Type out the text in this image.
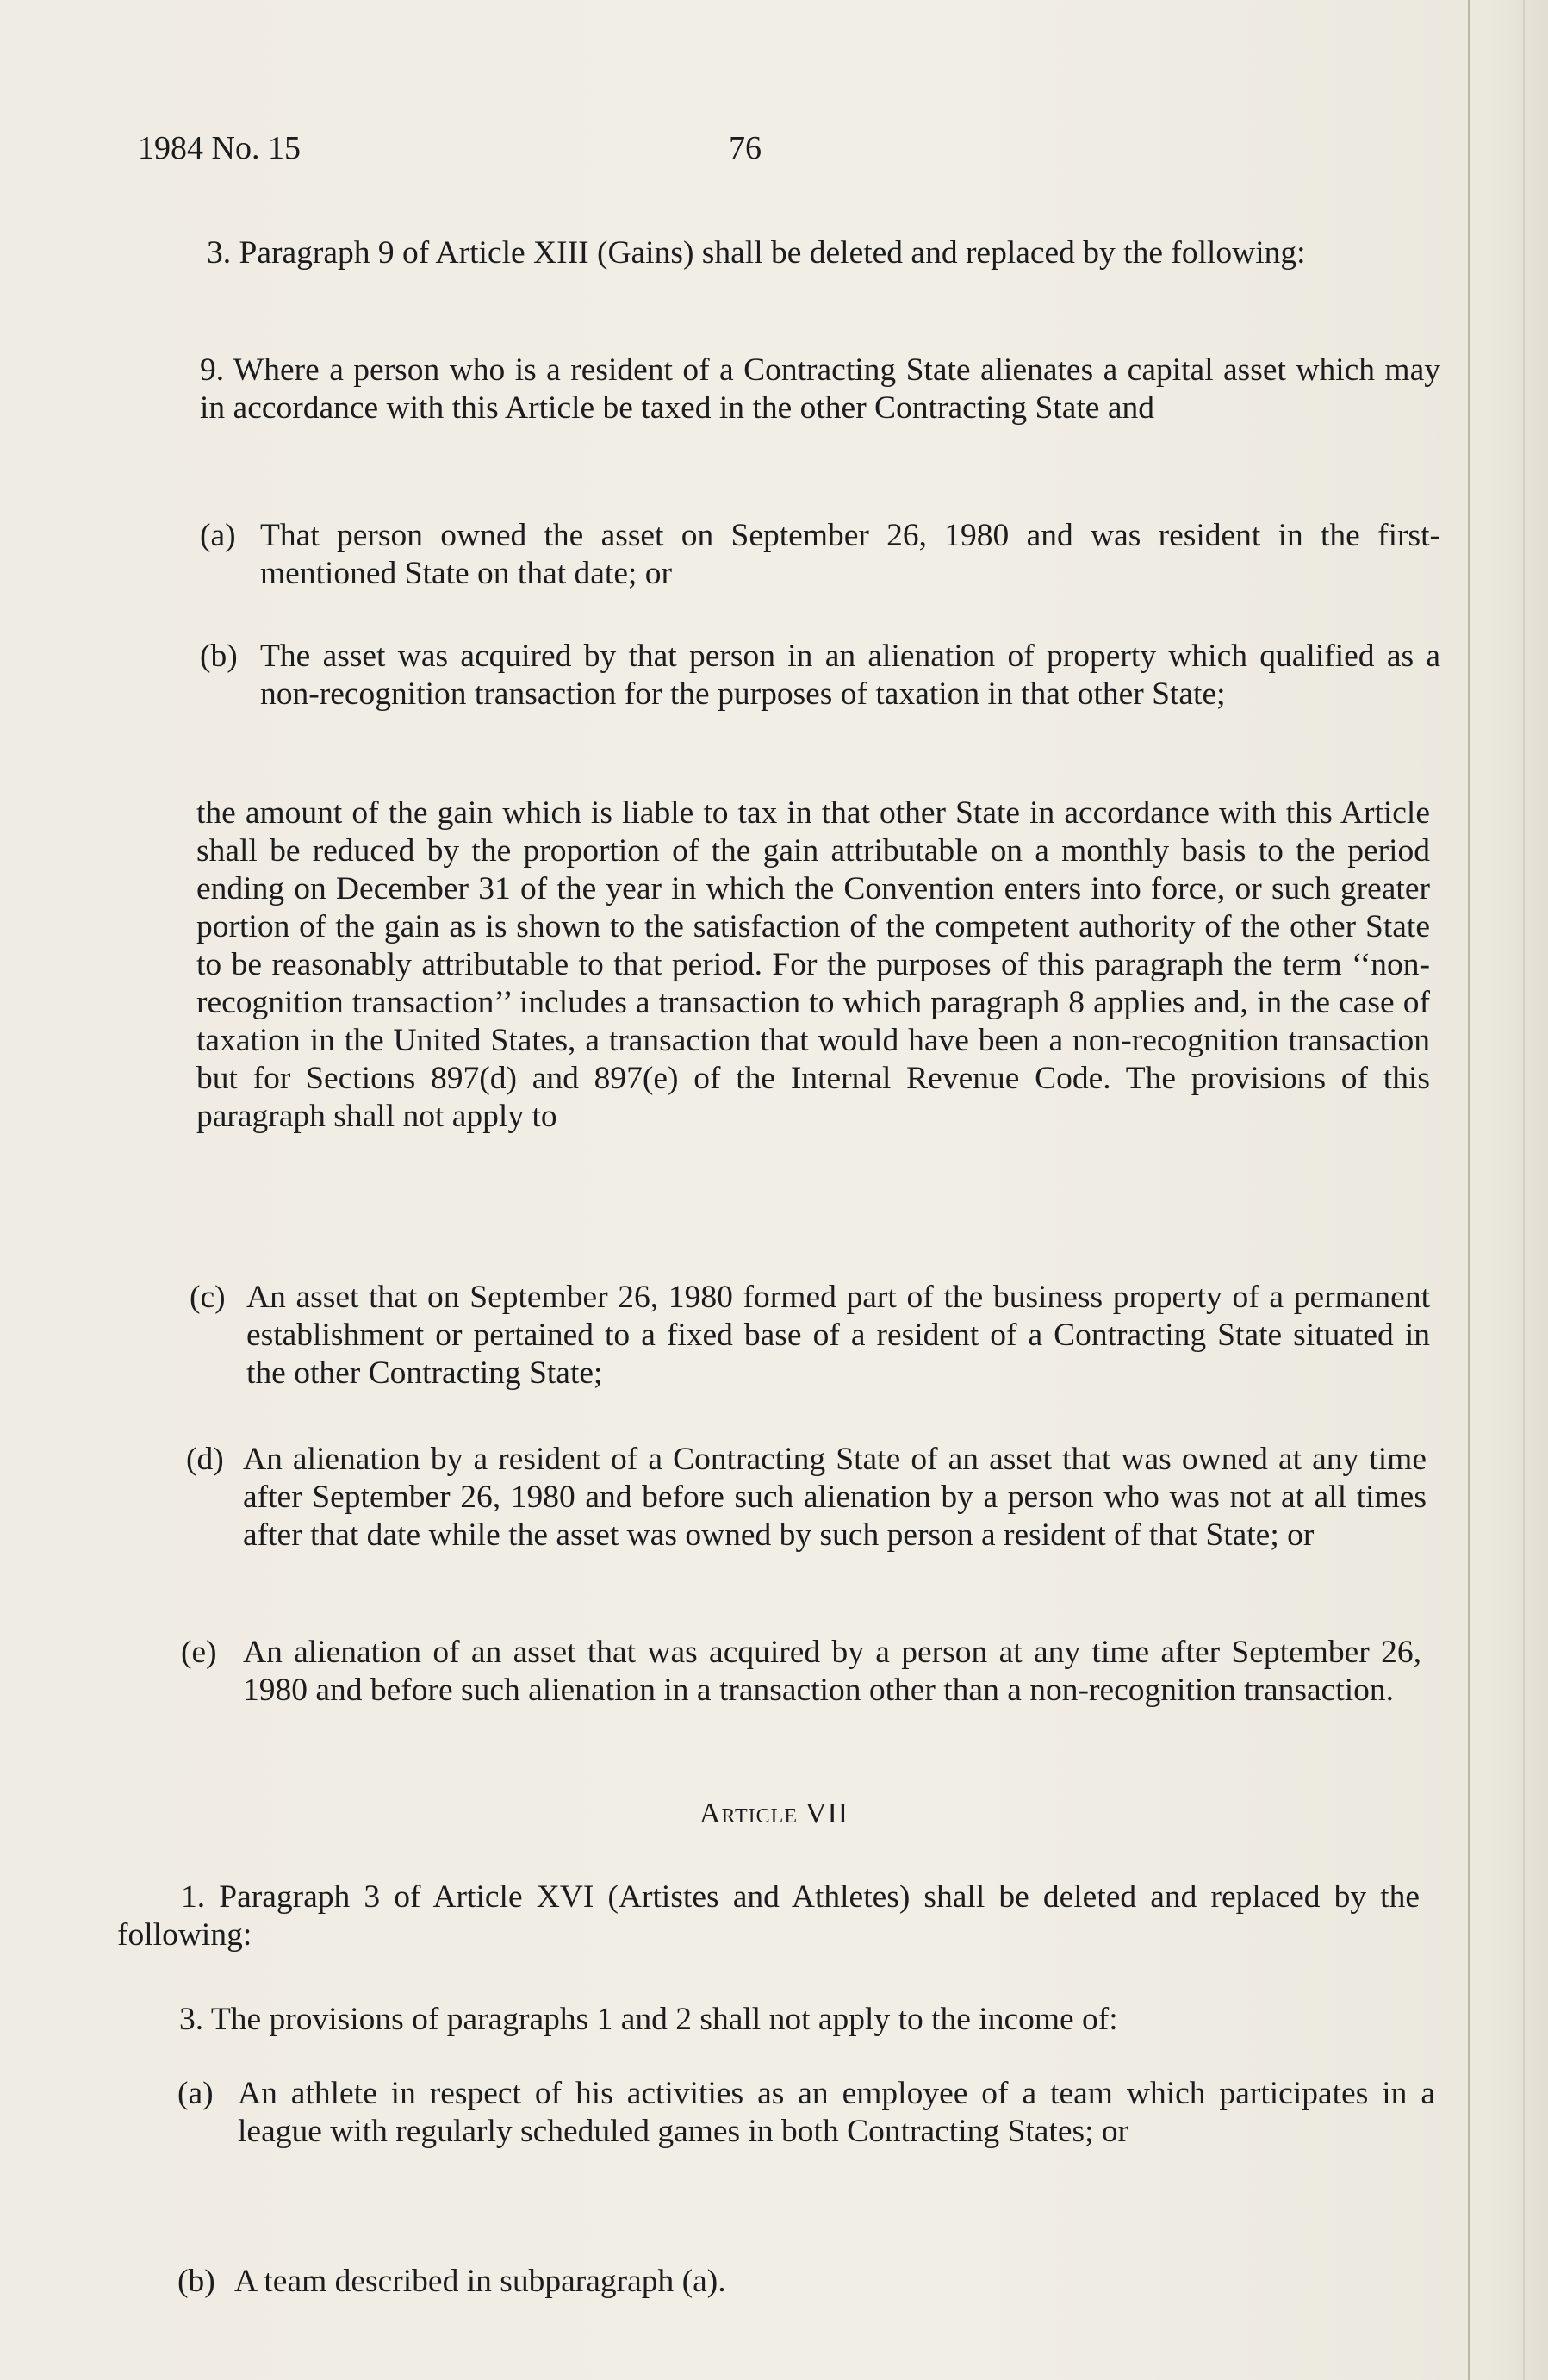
1984 No. 15	76

3. Paragraph 9 of Article XIII (Gains) shall be deleted and replaced by the following:

9. Where a person who is a resident of a Contracting State alienates a capital asset which may in accordance with this Article be taxed in the other Contracting State and

(a) That person owned the asset on September 26, 1980 and was resident in the first-mentioned State on that date; or
(b) The asset was acquired by that person in an alienation of property which qualified as a non-recognition transaction for the purposes of taxation in that other State;

the amount of the gain which is liable to tax in that other State in accordance with this Article shall be reduced by the proportion of the gain attributable on a monthly basis to the period ending on December 31 of the year in which the Convention enters into force, or such greater portion of the gain as is shown to the satisfaction of the competent authority of the other State to be reasonably attributable to that period. For the purposes of this paragraph the term ‘‘non-recognition transaction’’ includes a transaction to which paragraph 8 applies and, in the case of taxation in the United States, a transaction that would have been a non-recognition transaction but for Sections 897(d) and 897(e) of the Internal Revenue Code. The provisions of this paragraph shall not apply to

(c) An asset that on September 26, 1980 formed part of the business property of a permanent establishment or pertained to a fixed base of a resident of a Contracting State situated in the other Contracting State;
(d) An alienation by a resident of a Contracting State of an asset that was owned at any time after September 26, 1980 and before such alienation by a person who was not at all times after that date while the asset was owned by such person a resident of that State; or
(e) An alienation of an asset that was acquired by a person at any time after September 26, 1980 and before such alienation in a transaction other than a non-recognition transaction.
Article VII

1. Paragraph 3 of Article XVI (Artistes and Athletes) shall be deleted and replaced by the following:

3. The provisions of paragraphs 1 and 2 shall not apply to the income of:

(a) An athlete in respect of his activities as an employee of a team which participates in a league with regularly scheduled games in both Contracting States; or
(b) A team described in subparagraph (a).
